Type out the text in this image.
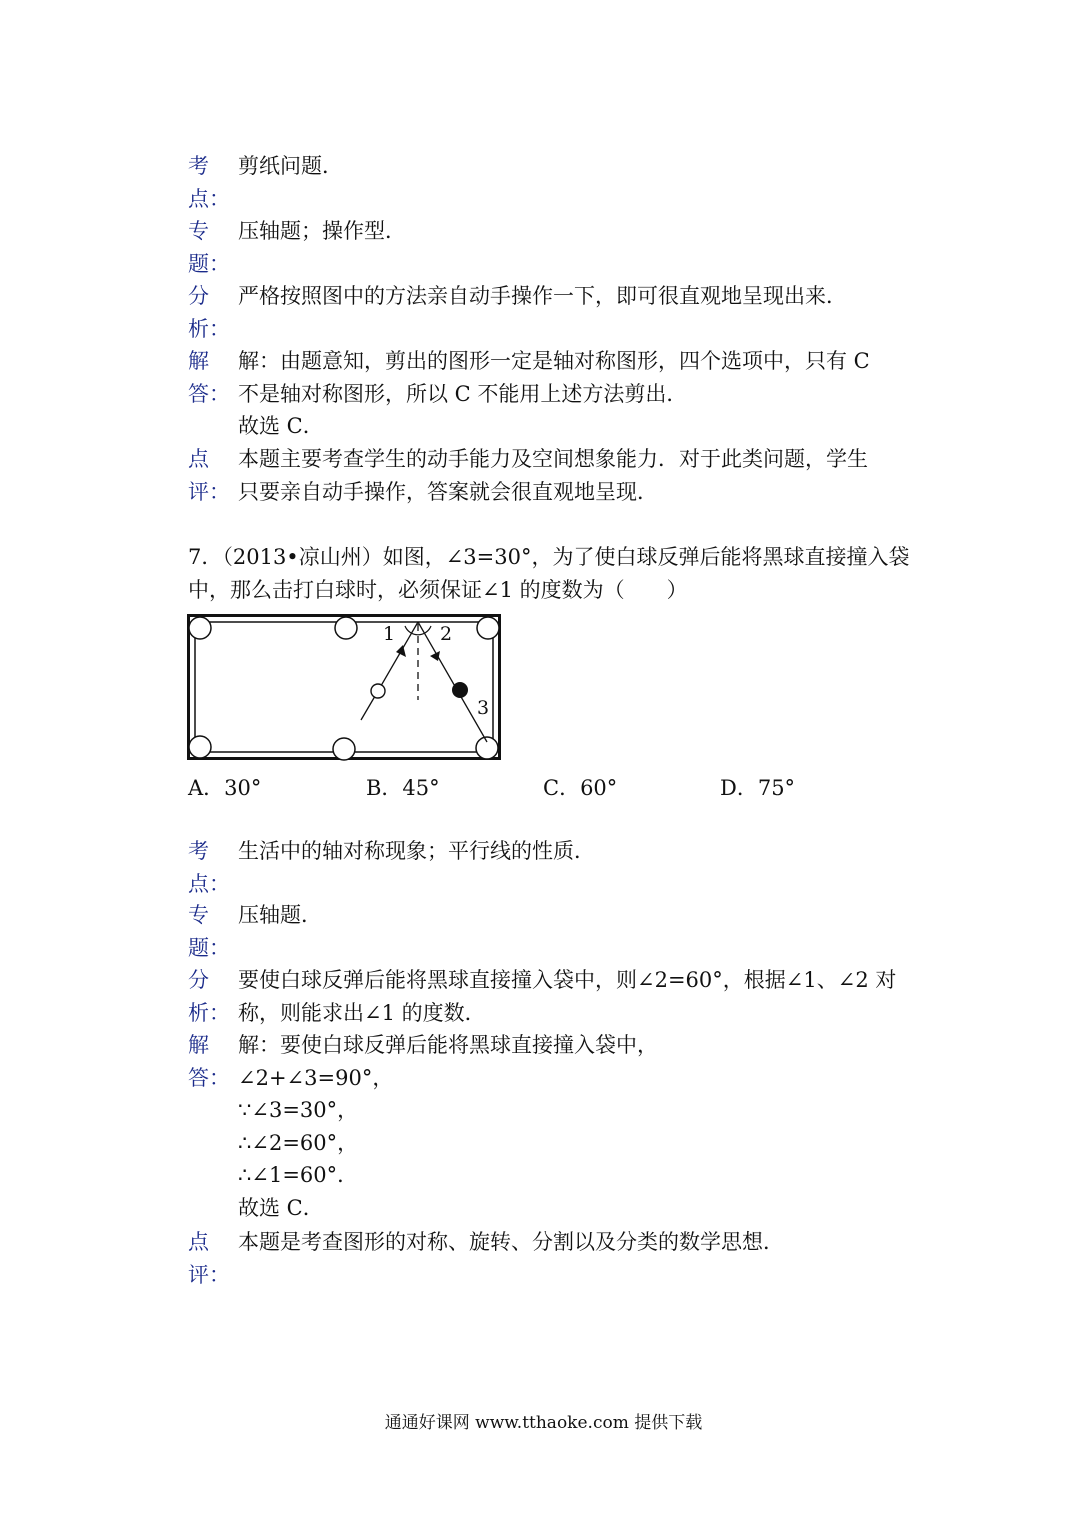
考
点：
剪纸问题．
专
题：
压轴题；操作型．
分
析：
严格按照图中的方法亲自动手操作一下，即可很直观地呈现出来．
解
答：
解：由题意知，剪出的图形一定是轴对称图形，四个选项中，只有 C
不是轴对称图形，所以 C 不能用上述方法剪出．
故选 C．
点
评：
本题主要考查学生的动手能力及空间想象能力．对于此类问题，学生
只要亲自动手操作，答案就会很直观地呈现．
7．（2013•凉山州）如图，∠3=30°，为了使白球反弹后能将黑球直接撞入袋
中，那么击打白球时，必须保证∠1 的度数为（　　）
1 2
3
A．30°	B．45°	C．60°	D．75°
考
点：
生活中的轴对称现象；平行线的性质．
专
题：
压轴题．
分
析：
要使白球反弹后能将黑球直接撞入袋中，则∠2=60°，根据∠1、∠2 对
称，则能求出∠1 的度数．
解
答：
解：要使白球反弹后能将黑球直接撞入袋中，
∠2+∠3=90°，
∵∠3=30°，
∴∠2=60°，
∴∠1=60°．
故选 C．
点
评：
本题是考查图形的对称、旋转、分割以及分类的数学思想．
通通好课网 www.tthaoke.com 提供下载
